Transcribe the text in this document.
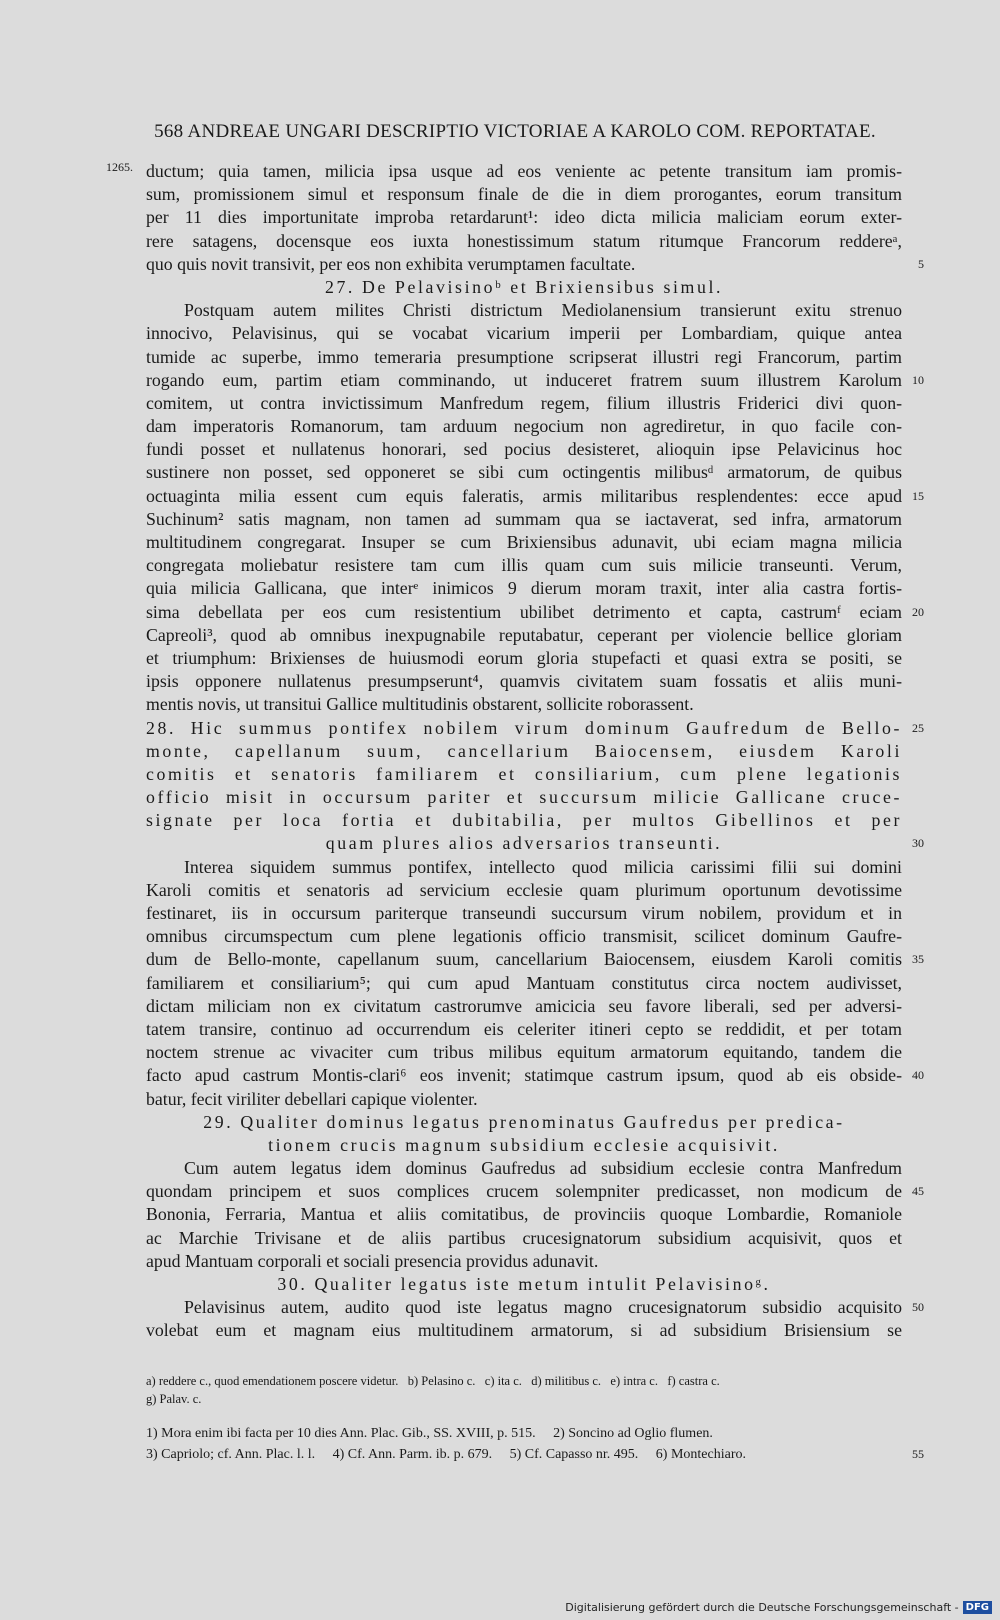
568 ANDREAE UNGARI DESCRIPTIO VICTORIAE A KAROLO COM. REPORTATAE.
1265. ductum; quia tamen, milicia ipsa usque ad eos veniente ac petente transitum iam promis-
sum, promissionem simul et responsum finale de die in diem prorogantes, eorum transitum
per 11 dies importunitate improba retardarunt¹: ideo dicta milicia maliciam eorum exter-
rere satagens, docensque eos iuxta honestissimum statum ritumque Francorum reddereᵃ,
quo quis novit transivit, per eos non exhibita verumptamen facultate.	5
27. De Pelavisinoᵇ et Brixiensibus simul.
Postquam autem milites Christi districtum Mediolanensium transierunt exitu strenuo
innocivo, Pelavisinus, qui se vocabat vicarium imperii per Lombardiam, quique antea
tumide ac superbe, immo temeraria presumptione scripserat illustri regi Francorum, partim
rogando eum, partim etiam comminando, ut induceret fratrem suum illustrem Karolum 10
comitem, ut contra invictissimum Manfredum regem, filium illustris Friderici divi quon-
dam imperatoris Romanorum, tam arduum negocium non agrediretur, in quo facile con-
fundi posset et nullatenus honorari, sed pocius desisteret, alioquin ipse Pelavicinus hoc
sustinere non posset, sed opponeret se sibi cum octingentis milibusᵈ armatorum, de quibus
octuaginta milia essent cum equis faleratis, armis militaribus resplendentes: ecce apud 15
Suchinum² satis magnam, non tamen ad summam qua se iactaverat, sed infra, armatorum
multitudinem congregarat. Insuper se cum Brixiensibus adunavit, ubi eciam magna milicia
congregata moliebatur resistere tam cum illis quam cum suis milicie transeunti. Verum,
quia milicia Gallicana, que interᵉ inimicos 9 dierum moram traxit, inter alia castra fortis-
sima debellata per eos cum resistentium ubilibet detrimento et capta, castrumᶠ eciam 20
Capreoli³, quod ab omnibus inexpugnabile reputabatur, ceperant per violencie bellice gloriam
et triumphum: Brixienses de huiusmodi eorum gloria stupefacti et quasi extra se positi, se
ipsis opponere nullatenus presumpserunt⁴, quamvis civitatem suam fossatis et aliis muni-
mentis novis, ut transitui Gallice multitudinis obstarent, sollicite roborassent.
28. Hic summus pontifex nobilem virum dominum Gaufredum de Bello- 25
monte, capellanum suum, cancellarium Baiocensem, eiusdem Karoli
comitis et senatoris familiarem et consiliarium, cum plene legationis
officio misit in occursum pariter et succursum milicie Gallicane cruce-
signate per loca fortia et dubitabilia, per multos Gibellinos et per
quam plures alios adversarios transeunti.	30
Interea siquidem summus pontifex, intellecto quod milicia carissimi filii sui domini
Karoli comitis et senatoris ad servicium ecclesie quam plurimum oportunum devotissime
festinaret, iis in occursum pariterque transeundi succursum virum nobilem, providum et in
omnibus circumspectum cum plene legationis officio transmisit, scilicet dominum Gaufre-
dum de Bello-monte, capellanum suum, cancellarium Baiocensem, eiusdem Karoli comitis 35
familiarem et consiliarium⁵; qui cum apud Mantuam constitutus circa noctem audivisset,
dictam miliciam non ex civitatum castrorumve amicicia seu favore liberali, sed per adversi-
tatem transire, continuo ad occurrendum eis celeriter itineri cepto se reddidit, et per totam
noctem strenue ac vivaciter cum tribus milibus equitum armatorum equitando, tandem die
facto apud castrum Montis-clari⁶ eos invenit; statimque castrum ipsum, quod ab eis obside- 40
batur, fecit viriliter debellari capique violenter.
29. Qualiter dominus legatus prenominatus Gaufredus per predica-
tionem crucis magnum subsidium ecclesie acquisivit.
Cum autem legatus idem dominus Gaufredus ad subsidium ecclesie contra Manfredum
quondam principem et suos complices crucem solempniter predicasset, non modicum de 45
Bononia, Ferraria, Mantua et aliis comitatibus, de provinciis quoque Lombardie, Romaniole
ac Marchie Trivisane et de aliis partibus crucesignatorum subsidium acquisivit, quos et
apud Mantuam corporali et sociali presencia providus adunavit.
30. Qualiter legatus iste metum intulit Pelavisinoᵍ.
Pelavisinus autem, audito quod iste legatus magno crucesignatorum subsidio acquisito 50
volebat eum et magnam eius multitudinem armatorum, si ad subsidium Brisiensium se
a) reddere c., quod emendationem poscere videtur.   b) Pelasino c.   c) ita c.   d) militibus c.   e) intra c.   f) castra c.
g) Palav. c.
1) Mora enim ibi facta per 10 dies Ann. Plac. Gib., SS. XVIII, p. 515.     2) Soncino ad Oglio flumen.
3) Capriolo; cf. Ann. Plac. l. l.     4) Cf. Ann. Parm. ib. p. 679.     5) Cf. Capasso nr. 495.     6) Montechiaro.	55
Digitalisierung gefördert durch die Deutsche Forschungsgemeinschaft - DFG
